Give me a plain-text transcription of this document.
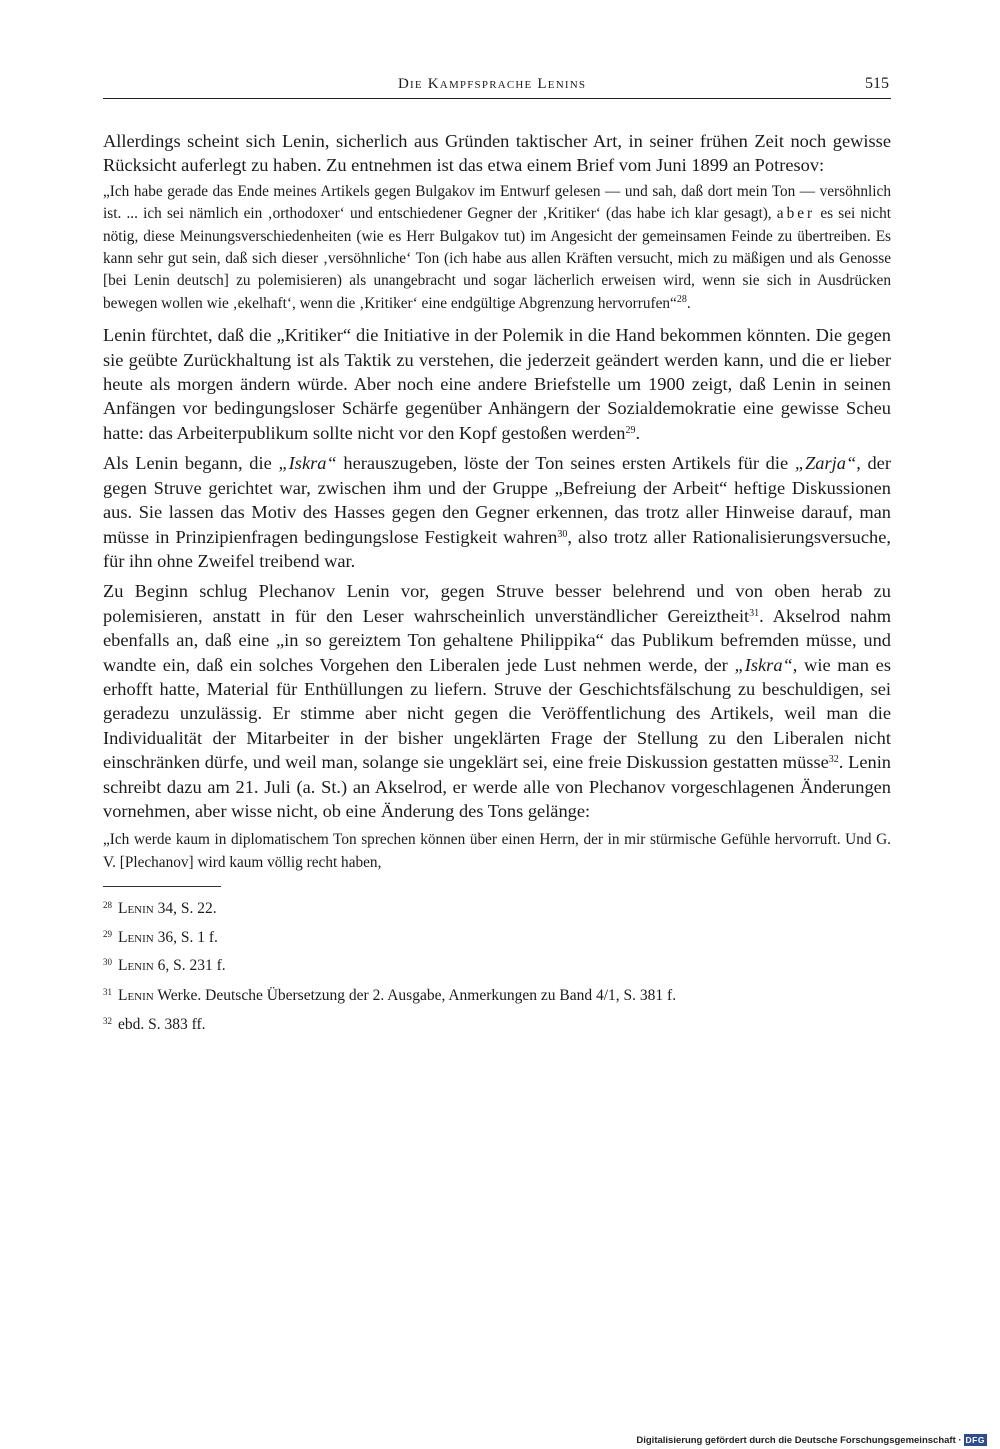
Die Kampfsprache Lenins	515

Allerdings scheint sich Lenin, sicherlich aus Gründen taktischer Art, in seiner frühen Zeit noch gewisse Rücksicht auferlegt zu haben. Zu entnehmen ist das etwa einem Brief vom Juni 1899 an Potresov:

„Ich habe gerade das Ende meines Artikels gegen Bulgakov im Entwurf gelesen — und sah, daß dort mein Ton — versöhnlich ist. ... ich sei nämlich ein ‚orthodoxer‘ und entschiedener Gegner der ‚Kritiker‘ (das habe ich klar gesagt), aber es sei nicht nötig, diese Meinungsverschiedenheiten (wie es Herr Bulgakov tut) im Angesicht der gemeinsamen Feinde zu übertreiben. Es kann sehr gut sein, daß sich dieser ‚versöhnliche‘ Ton (ich habe aus allen Kräften versucht, mich zu mäßigen und als Genosse [bei Lenin deutsch] zu polemisieren) als unangebracht und sogar lächerlich erweisen wird, wenn sie sich in Ausdrücken bewegen wollen wie ‚ekelhaft‘, wenn die ‚Kritiker‘ eine endgültige Abgrenzung hervorrufen“$^{28}$.

Lenin fürchtet, daß die „Kritiker“ die Initiative in der Polemik in die Hand bekommen könnten. Die gegen sie geübte Zurückhaltung ist als Taktik zu verstehen, die jederzeit geändert werden kann, und die er lieber heute als morgen ändern würde. Aber noch eine andere Briefstelle um 1900 zeigt, daß Lenin in seinen Anfängen vor bedingungsloser Schärfe gegenüber Anhängern der Sozialdemokratie eine gewisse Scheu hatte: das Arbeiterpublikum sollte nicht vor den Kopf gestoßen werden$^{29}$.

Als Lenin begann, die „Iskra“ herauszugeben, löste der Ton seines ersten Artikels für die „Zarja“, der gegen Struve gerichtet war, zwischen ihm und der Gruppe „Befreiung der Arbeit“ heftige Diskussionen aus. Sie lassen das Motiv des Hasses gegen den Gegner erkennen, das trotz aller Hinweise darauf, man müsse in Prinzipienfragen bedingungslose Festigkeit wahren$^{30}$, also trotz aller Rationalisierungsversuche, für ihn ohne Zweifel treibend war.

Zu Beginn schlug Plechanov Lenin vor, gegen Struve besser belehrend und von oben herab zu polemisieren, anstatt in für den Leser wahrscheinlich unverständlicher Gereiztheit$^{31}$. Akselrod nahm ebenfalls an, daß eine „in so gereiztem Ton gehaltene Philippika“ das Publikum befremden müsse, und wandte ein, daß ein solches Vorgehen den Liberalen jede Lust nehmen werde, der „Iskra“, wie man es erhofft hatte, Material für Enthüllungen zu liefern. Struve der Geschichtsfälschung zu beschuldigen, sei geradezu unzulässig. Er stimme aber nicht gegen die Veröffentlichung des Artikels, weil man die Individualität der Mitarbeiter in der bisher ungeklärten Frage der Stellung zu den Liberalen nicht einschränken dürfe, und weil man, solange sie ungeklärt sei, eine freie Diskussion gestatten müsse$^{32}$. Lenin schreibt dazu am 21. Juli (a. St.) an Akselrod, er werde alle von Plechanov vorgeschlagenen Änderungen vornehmen, aber wisse nicht, ob eine Änderung des Tons gelänge:

„Ich werde kaum in diplomatischem Ton sprechen können über einen Herrn, der in mir stürmische Gefühle hervorruft. Und G. V. [Plechanov] wird kaum völlig recht haben,

$^{28}$ Lenin 34, S. 22.

$^{29}$ Lenin 36, S. 1 f.

$^{30}$ Lenin 6, S. 231 f.

$^{31}$ Lenin Werke. Deutsche Übersetzung der 2. Ausgabe, Anmerkungen zu Band 4/1, S. 381 f.

$^{32}$ ebd. S. 383 ff.

Digitalisierung gefördert durch die Deutsche Forschungsgemeinschaft · DFG
